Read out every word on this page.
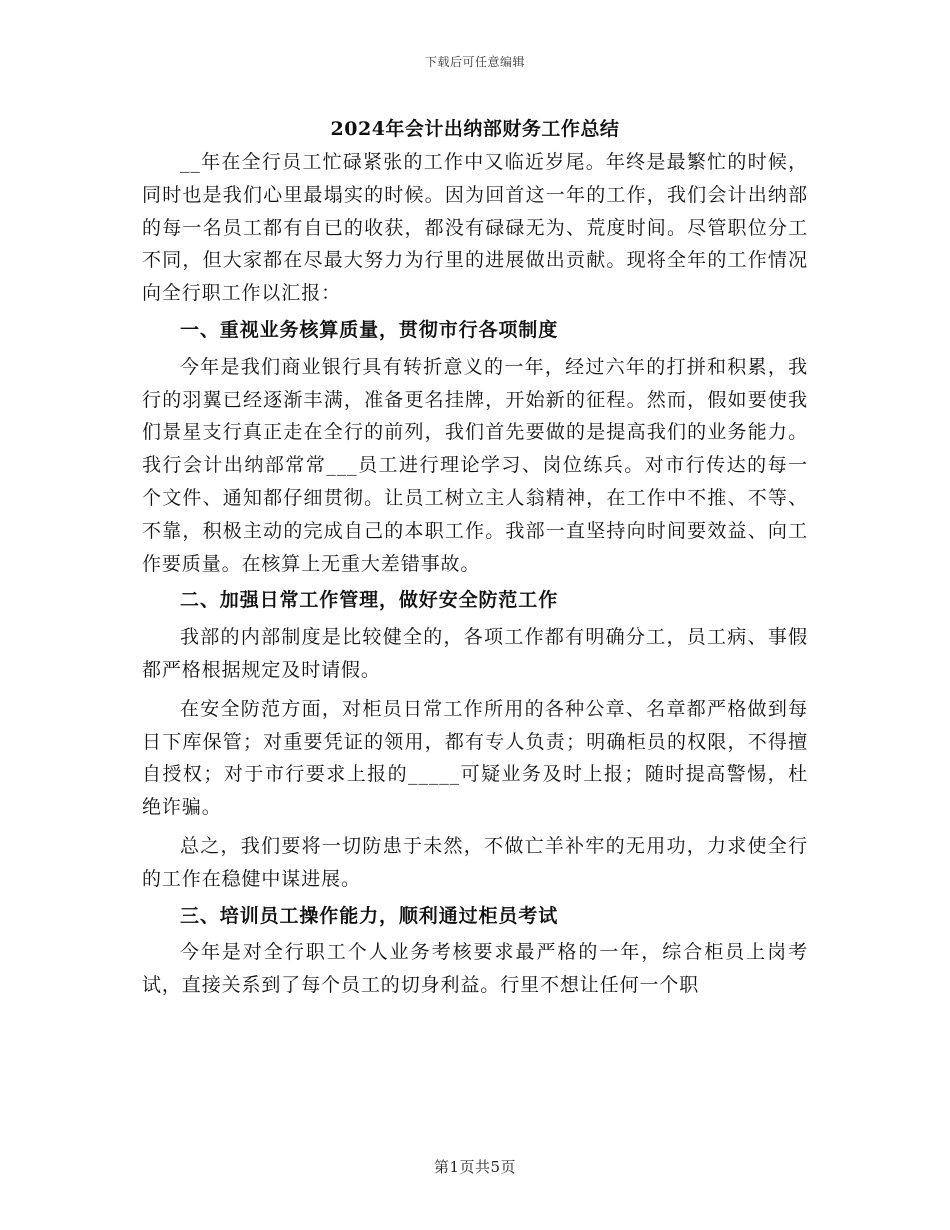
下载后可任意编辑
2024年会计出纳部财务工作总结

__年在全行员工忙碌紧张的工作中又临近岁尾。年终是最繁忙的时候，同时也是我们心里最塌实的时候。因为回首这一年的工作，我们会计出纳部的每一名员工都有自已的收获，都没有碌碌无为、荒度时间。尽管职位分工不同，但大家都在尽最大努力为行里的进展做出贡献。现将全年的工作情况向全行职工作以汇报：

一、重视业务核算质量，贯彻市行各项制度

今年是我们商业银行具有转折意义的一年，经过六年的打拼和积累，我行的羽翼已经逐渐丰满，准备更名挂牌，开始新的征程。然而，假如要使我们景星支行真正走在全行的前列，我们首先要做的是提高我们的业务能力。我行会计出纳部常常___员工进行理论学习、岗位练兵。对市行传达的每一个文件、通知都仔细贯彻。让员工树立主人翁精神，在工作中不推、不等、不靠，积极主动的完成自己的本职工作。我部一直坚持向时间要效益、向工作要质量。在核算上无重大差错事故。

二、加强日常工作管理，做好安全防范工作

我部的内部制度是比较健全的，各项工作都有明确分工，员工病、事假都严格根据规定及时请假。

在安全防范方面，对柜员日常工作所用的各种公章、名章都严格做到每日下库保管；对重要凭证的领用，都有专人负责；明确柜员的权限，不得擅自授权；对于市行要求上报的_____可疑业务及时上报；随时提高警惕，杜绝诈骗。

总之，我们要将一切防患于未然，不做亡羊补牢的无用功，力求使全行的工作在稳健中谋进展。

三、培训员工操作能力，顺利通过柜员考试

今年是对全行职工个人业务考核要求最严格的一年，综合柜员上岗考试，直接关系到了每个员工的切身利益。行里不想让任何一个职

第1页共5页
